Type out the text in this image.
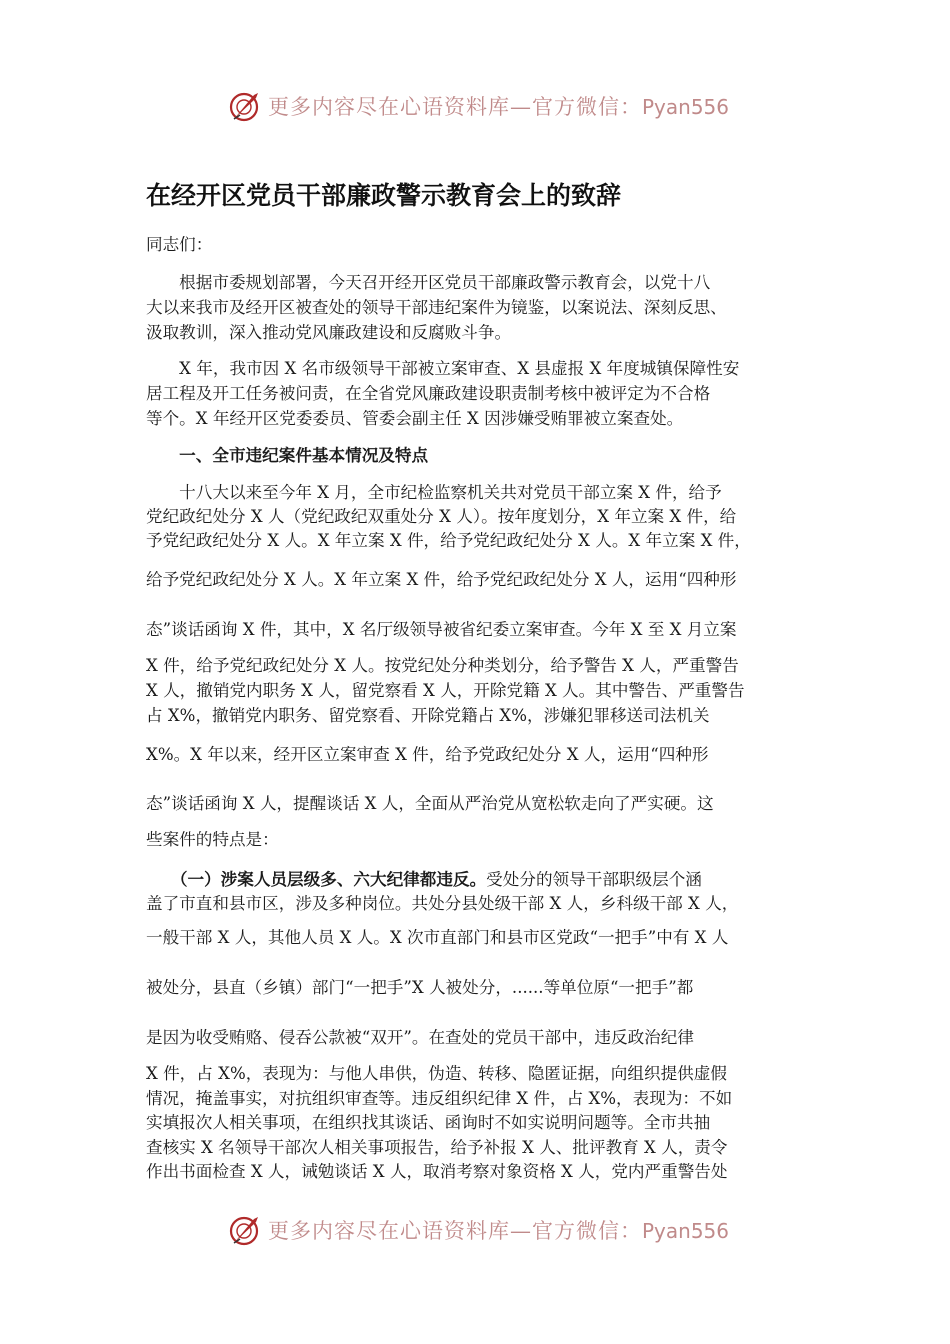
更多内容尽在心语资料库—官方微信：Pyan556
在经开区党员干部廉政警示教育会上的致辞
同志们：
　　根据市委规划部署，今天召开经开区党员干部廉政警示教育会，以党十八
大以来我市及经开区被查处的领导干部违纪案件为镜鉴，以案说法、深刻反思、
汲取教训，深入推动党风廉政建设和反腐败斗争。
　　X 年，我市因 X 名市级领导干部被立案审查、X 县虚报 X 年度城镇保障性安
居工程及开工任务被问责，在全省党风廉政建设职责制考核中被评定为不合格
等个。X 年经开区党委委员、管委会副主任 X 因涉嫌受贿罪被立案查处。
　　一、全市违纪案件基本情况及特点
　　十八大以来至今年 X 月，全市纪检监察机关共对党员干部立案 X 件，给予
党纪政纪处分 X 人（党纪政纪双重处分 X 人）。按年度划分，X 年立案 X 件，给
予党纪政纪处分 X 人。X 年立案 X 件，给予党纪政纪处分 X 人。X 年立案 X 件，
给予党纪政纪处分 X 人。X 年立案 X 件，给予党纪政纪处分 X 人，运用“四种形
态”谈话函询 X 件，其中，X 名厅级领导被省纪委立案审查。今年 X 至 X 月立案
X 件，给予党纪政纪处分 X 人。按党纪处分种类划分，给予警告 X 人，严重警告
X 人，撤销党内职务 X 人，留党察看 X 人，开除党籍 X 人。其中警告、严重警告
占 X%，撤销党内职务、留党察看、开除党籍占 X%，涉嫌犯罪移送司法机关
X%。X 年以来，经开区立案审查 X 件，给予党政纪处分 X 人，运用“四种形
态”谈话函询 X 人，提醒谈话 X 人，全面从严治党从宽松软走向了严实硬。这
些案件的特点是：
　　（一）涉案人员层级多、六大纪律都违反。受处分的领导干部职级层个涵
盖了市直和县市区，涉及多种岗位。共处分县处级干部 X 人，乡科级干部 X 人，
一般干部 X 人，其他人员 X 人。X 次市直部门和县市区党政“一把手”中有 X 人
被处分，县直（乡镇）部门“一把手”X 人被处分，......等单位原“一把手”都
是因为收受贿赂、侵吞公款被“双开”。在查处的党员干部中，违反政治纪律
X 件，占 X%，表现为：与他人串供，伪造、转移、隐匿证据，向组织提供虚假
情况，掩盖事实，对抗组织审查等。违反组织纪律 X 件，占 X%，表现为：不如
实填报次人相关事项，在组织找其谈话、函询时不如实说明问题等。全市共抽
查核实 X 名领导干部次人相关事项报告，给予补报 X 人、批评教育 X 人，责令
作出书面检查 X 人，诫勉谈话 X 人，取消考察对象资格 X 人，党内严重警告处
更多内容尽在心语资料库—官方微信：Pyan556
